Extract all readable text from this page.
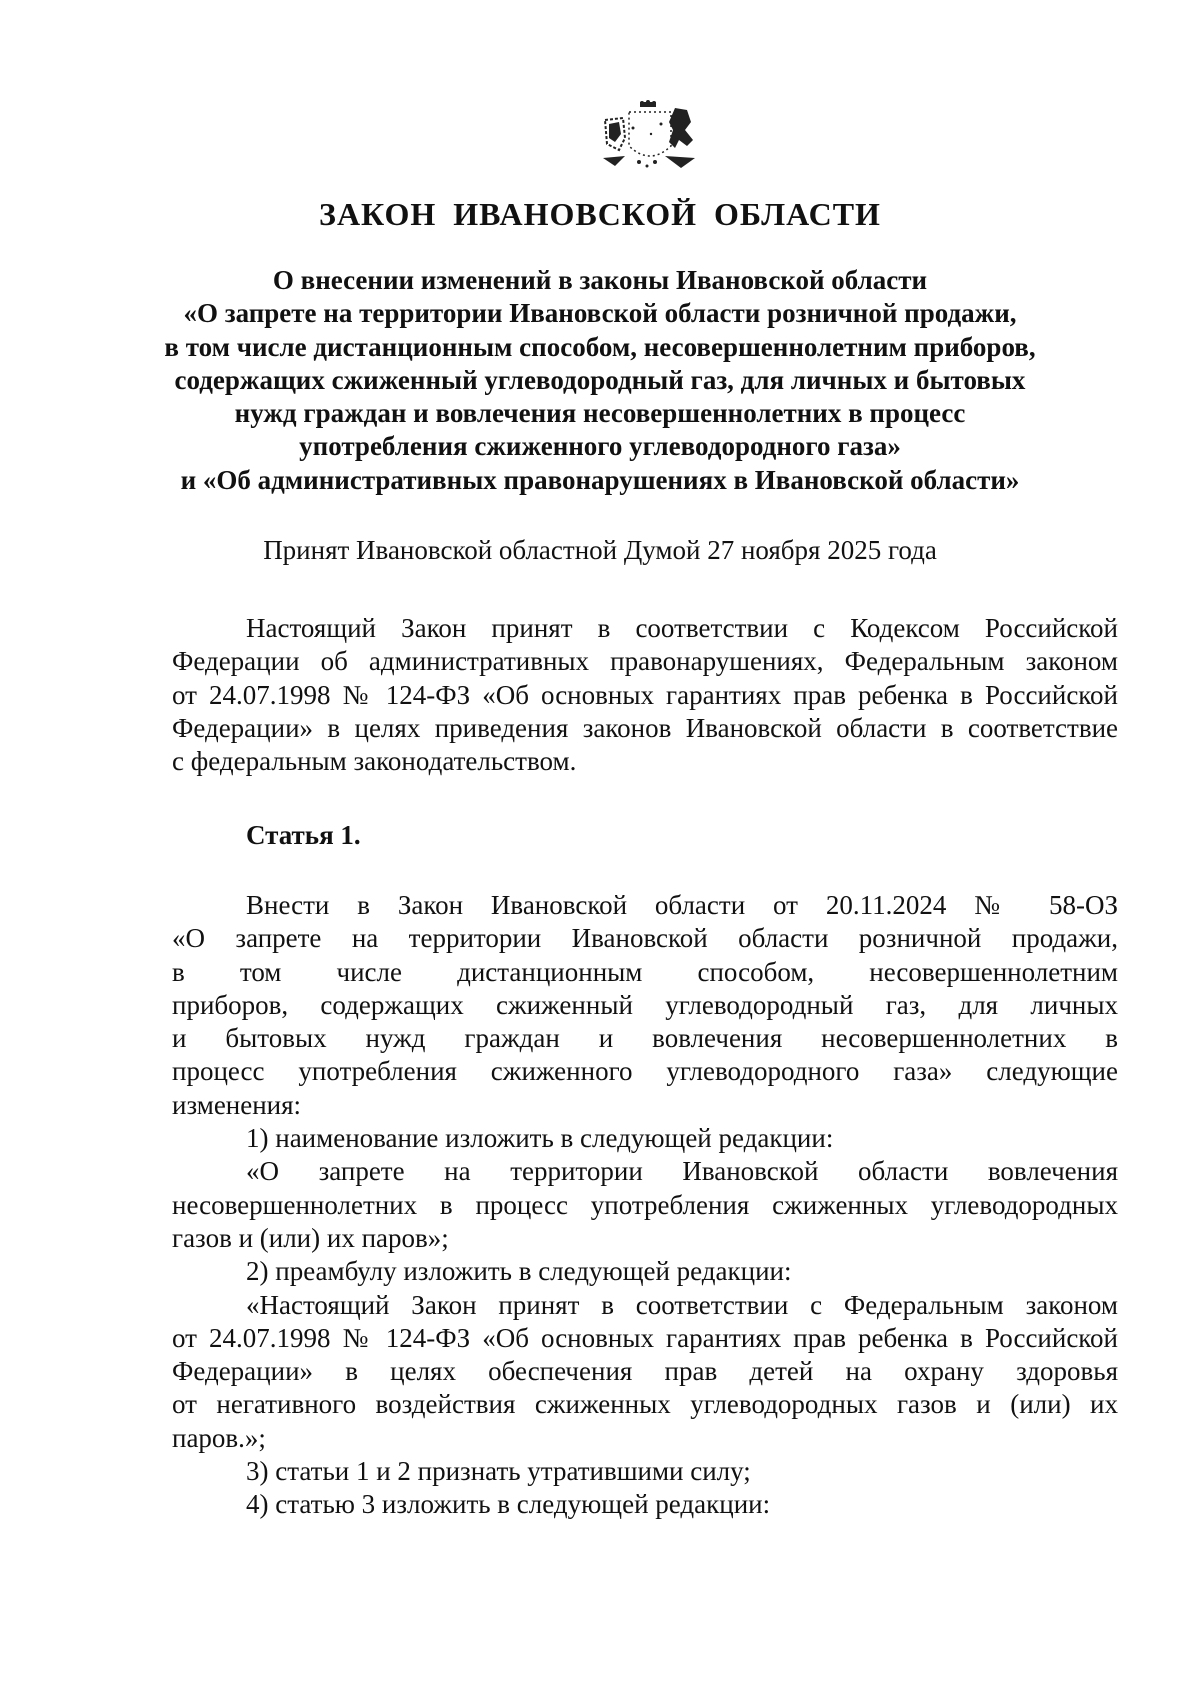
ЗАКОН ИВАНОВСКОЙ ОБЛАСТИ
О внесении изменений в законы Ивановской области
«О запрете на территории Ивановской области розничной продажи,
в том числе дистанционным способом, несовершеннолетним приборов,
содержащих сжиженный углеводородный газ, для личных и бытовых
нужд граждан и вовлечения несовершеннолетних в процесс
употребления сжиженного углеводородного газа»
и «Об административных правонарушениях в Ивановской области»
Принят Ивановской областной Думой 27 ноября 2025 года
Настоящий Закон принят в соответствии с Кодексом Российской
Федерации об административных правонарушениях, Федеральным законом
от 24.07.1998 № 124-ФЗ «Об основных гарантиях прав ребенка в Российской
Федерации» в целях приведения законов Ивановской области в соответствие
с федеральным законодательством.
Статья 1.
Внести в Закон Ивановской области от 20.11.2024 № 58-ОЗ
«О запрете на территории Ивановской области розничной продажи,
в том числе дистанционным способом, несовершеннолетним
приборов, содержащих сжиженный углеводородный газ, для личных
и бытовых нужд граждан и вовлечения несовершеннолетних в
процесс употребления сжиженного углеводородного газа» следующие
изменения:
1) наименование изложить в следующей редакции:
«О запрете на территории Ивановской области вовлечения
несовершеннолетних в процесс употребления сжиженных углеводородных
газов и (или) их паров»;
2) преамбулу изложить в следующей редакции:
«Настоящий Закон принят в соответствии с Федеральным законом
от 24.07.1998 № 124-ФЗ «Об основных гарантиях прав ребенка в Российской
Федерации» в целях обеспечения прав детей на охрану здоровья
от негативного воздействия сжиженных углеводородных газов и (или) их
паров.»;
3) статьи 1 и 2 признать утратившими силу;
4) статью 3 изложить в следующей редакции:
